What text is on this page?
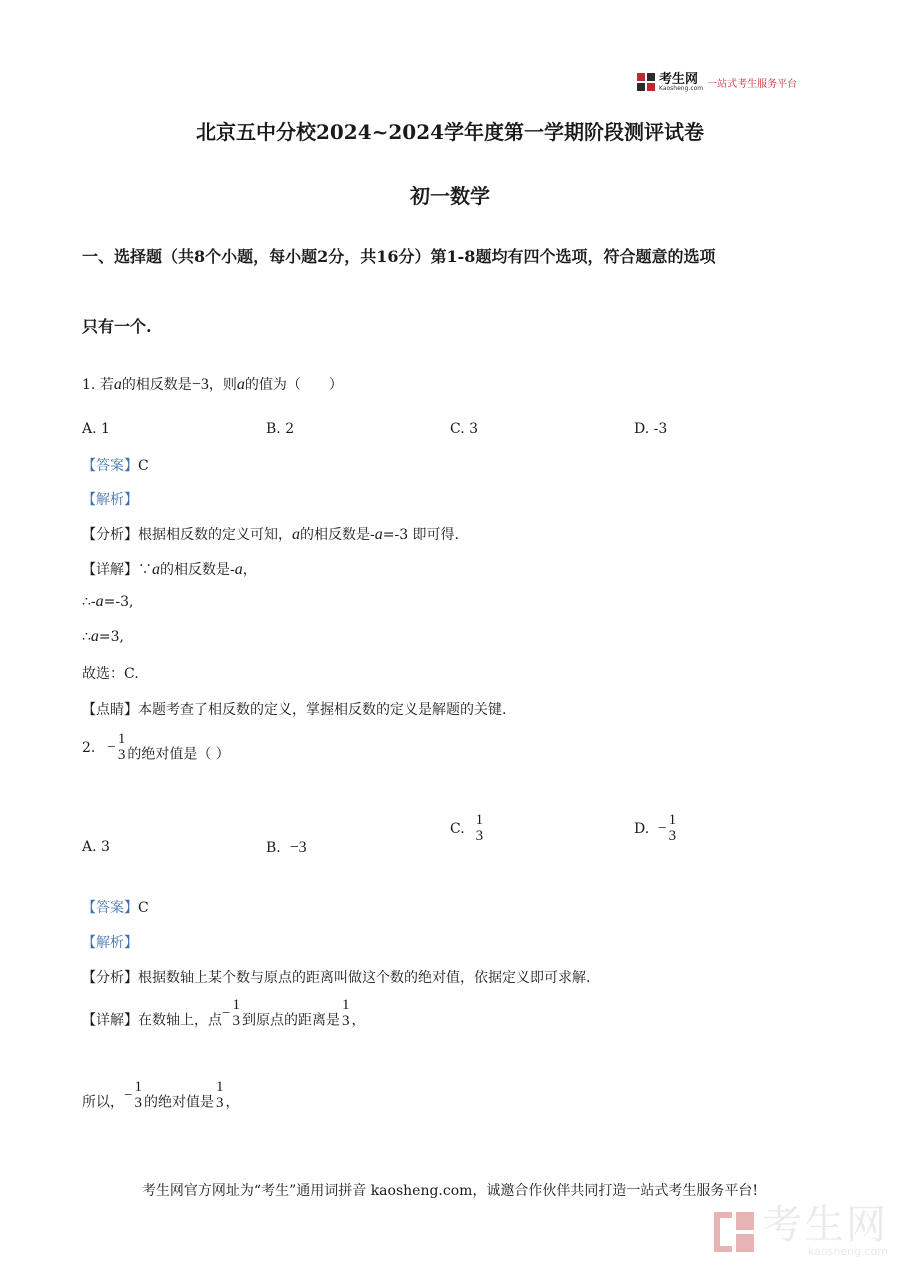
考生网
Kaosheng.com 一站式考生服务平台
北京五中分校2024~2024学年度第一学期阶段测评试卷
初一数学
一、选择题（共8个小题，每小题2分，共16分）第1-8题均有四个选项，符合题意的选项
只有一个.
1. 若a的相反数是−3，则a的值为（　　）
A. 1	B. 2	C. 3	D. -3
【答案】C
【解析】
【分析】根据相反数的定义可知，a的相反数是-a=-3 即可得.
【详解】∵a的相反数是-a，
∴-a=-3,
∴a=3,
故选：C.
【点睛】本题考查了相反数的定义，掌握相反数的定义是解题的关键.
2. −
1
3 的绝对值是（ ）
A. 3	B. −3
C.
1
3	D. −
1
3
【答案】C
【解析】
【分析】根据数轴上某个数与原点的距离叫做这个数的绝对值，依据定义即可求解.
【详解】在数轴上，点−
1
3 到原点的距离是
1
3 ，
所以，−
1
3 的绝对值是
1
3 ，
考生网官方网址为“考生”通用词拼音 kaosheng.com，诚邀合作伙伴共同打造一站式考生服务平台!
考生网
kaosheng.com
